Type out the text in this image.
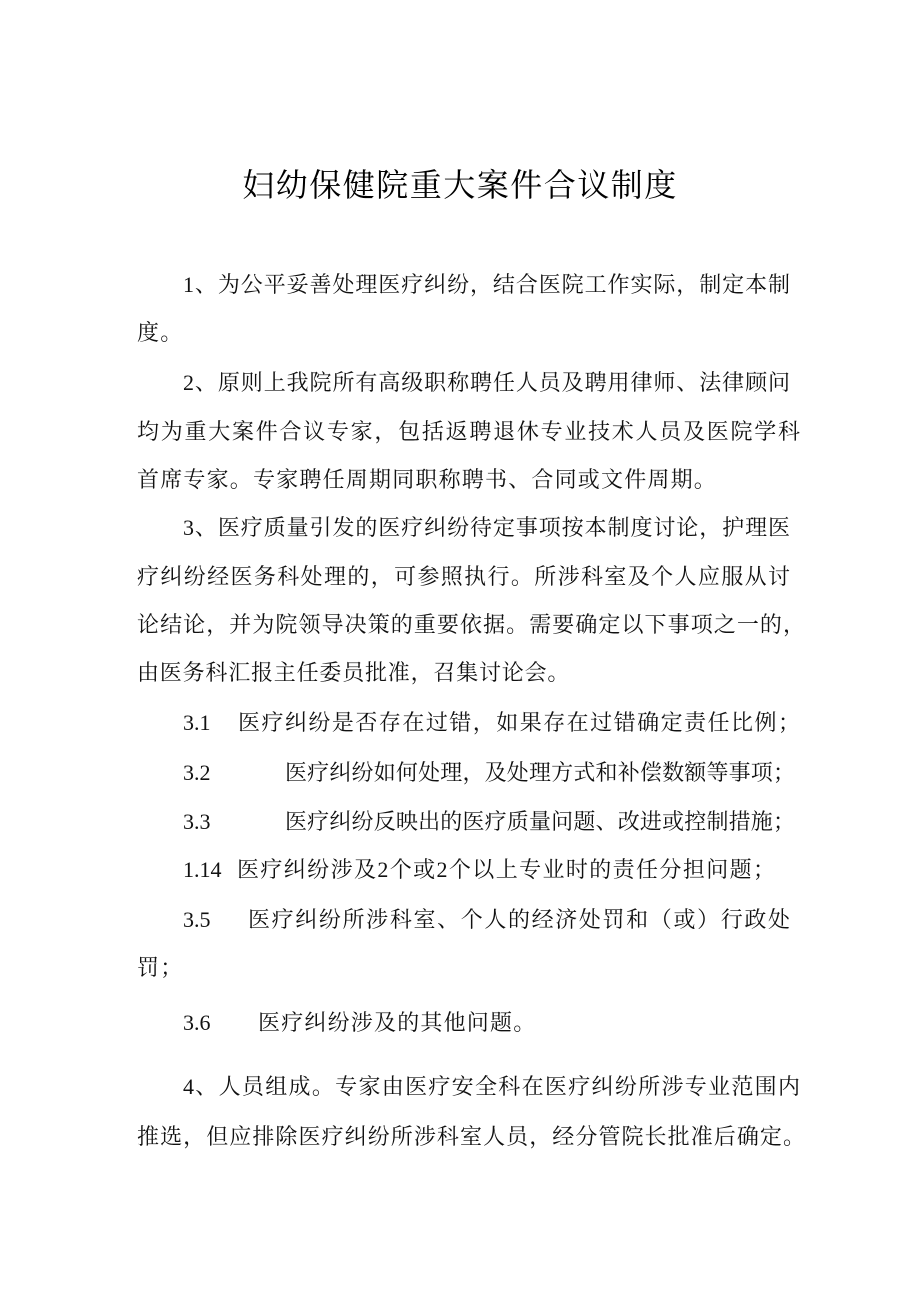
妇幼保健院重大案件合议制度
1、为公平妥善处理医疗纠纷，结合医院工作实际，制定本制
度。
2、原则上我院所有高级职称聘任人员及聘用律师、法律顾问
均为重大案件合议专家，包括返聘退休专业技术人员及医院学科
首席专家。专家聘任周期同职称聘书、合同或文件周期。
3、医疗质量引发的医疗纠纷待定事项按本制度讨论，护理医
疗纠纷经医务科处理的，可参照执行。所涉科室及个人应服从讨
论结论，并为院领导决策的重要依据。需要确定以下事项之一的，
由医务科汇报主任委员批准，召集讨论会。
3.1 医疗纠纷是否存在过错，如果存在过错确定责任比例；
3.2	医疗纠纷如何处理，及处理方式和补偿数额等事项；
3.3	医疗纠纷反映出的医疗质量问题、改进或控制措施；
1.14 医疗纠纷涉及2个或2个以上专业时的责任分担问题；
3.5 医疗纠纷所涉科室、个人的经济处罚和（或）行政处
罚；
3.6 医疗纠纷涉及的其他问题。
4、人员组成。专家由医疗安全科在医疗纠纷所涉专业范围内
推选，但应排除医疗纠纷所涉科室人员，经分管院长批准后确定。
